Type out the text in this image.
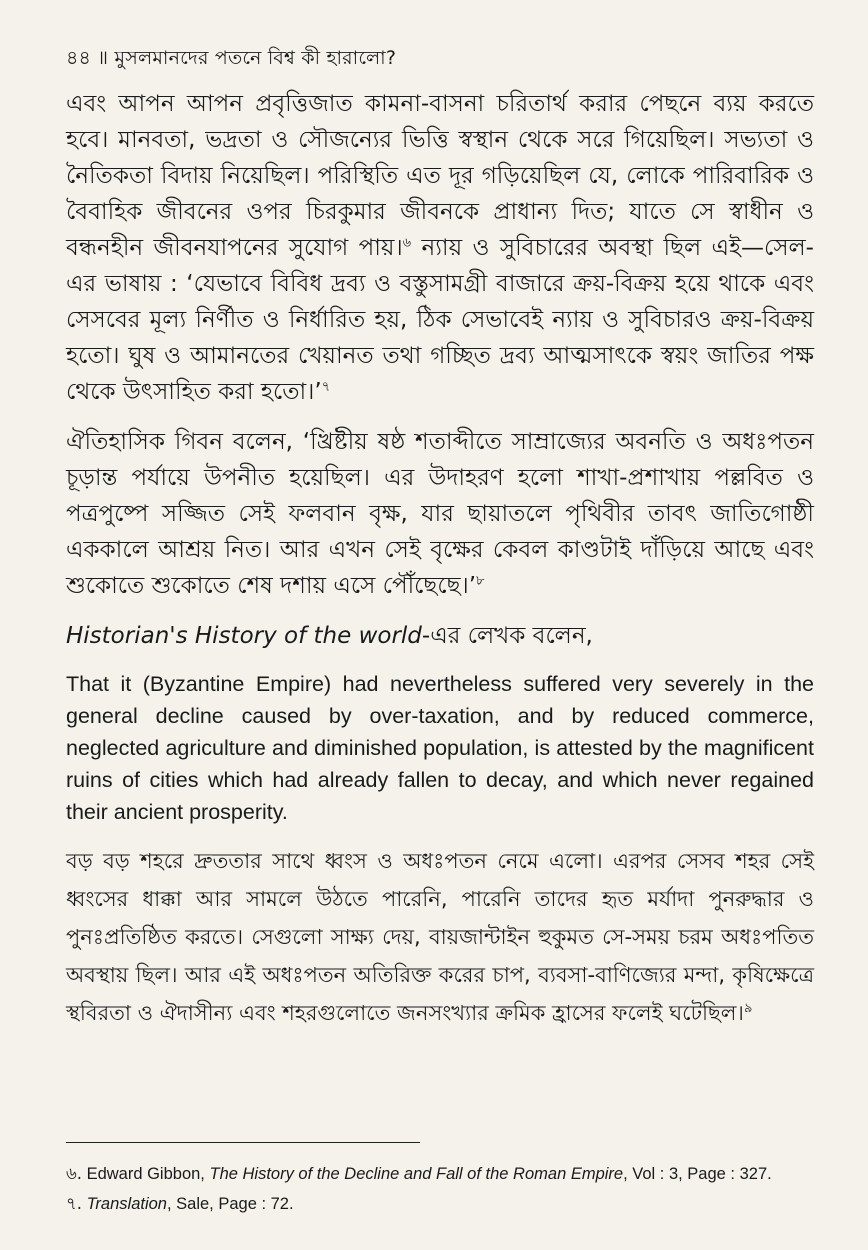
৪৪ ॥ মুসলমানদের পতনে বিশ্ব কী হারালো?

এবং আপন আপন প্রবৃত্তিজাত কামনা-বাসনা চরিতার্থ করার পেছনে ব্যয় করতে হবে। মানবতা, ভদ্রতা ও সৌজন্যের ভিত্তি স্বস্থান থেকে সরে গিয়েছিল। সভ্যতা ও নৈতিকতা বিদায় নিয়েছিল। পরিস্থিতি এত দূর গড়িয়েছিল যে, লোকে পারিবারিক ও বৈবাহিক জীবনের ওপর চিরকুমার জীবনকে প্রাধান্য দিত; যাতে সে স্বাধীন ও বন্ধনহীন জীবনযাপনের সুযোগ পায়।$^৬$ ন্যায় ও সুবিচারের অবস্থা ছিল এই—সেল-এর ভাষায় : ‘যেভাবে বিবিধ দ্রব্য ও বস্তুসামগ্রী বাজারে ক্রয়-বিক্রয় হয়ে থাকে এবং সেসবের মূল্য নির্ণীত ও নির্ধারিত হয়, ঠিক সেভাবেই ন্যায় ও সুবিচারও ক্রয়-বিক্রয় হতো। ঘুষ ও আমানতের খেয়ানত তথা গচ্ছিত দ্রব্য আত্মসাৎকে স্বয়ং জাতির পক্ষ থেকে উৎসাহিত করা হতো।’$^৭$

ঐতিহাসিক গিবন বলেন, ‘খ্রিষ্টীয় ষষ্ঠ শতাব্দীতে সাম্রাজ্যের অবনতি ও অধঃপতন চূড়ান্ত পর্যায়ে উপনীত হয়েছিল। এর উদাহরণ হলো শাখা-প্রশাখায় পল্লবিত ও পত্রপুষ্পে সজ্জিত সেই ফলবান বৃক্ষ, যার ছায়াতলে পৃথিবীর তাবৎ জাতিগোষ্ঠী এককালে আশ্রয় নিত। আর এখন সেই বৃক্ষের কেবল কাণ্ডটাই দাঁড়িয়ে আছে এবং শুকোতে শুকোতে শেষ দশায় এসে পৌঁছেছে।’$^৮$

Historian's History of the world-এর লেখক বলেন,

That it (Byzantine Empire) had nevertheless suffered very severely in the general decline caused by over-taxation, and by reduced commerce, neglected agriculture and diminished population, is attested by the magnificent ruins of cities which had already fallen to decay, and which never regained their ancient prosperity.

বড় বড় শহরে দ্রুততার সাথে ধ্বংস ও অধঃপতন নেমে এলো। এরপর সেসব শহর সেই ধ্বংসের ধাক্কা আর সামলে উঠতে পারেনি, পারেনি তাদের হৃত মর্যাদা পুনরুদ্ধার ও পুনঃপ্রতিষ্ঠিত করতে। সেগুলো সাক্ষ্য দেয়, বায়জান্টাইন হুকুমত সে-সময় চরম অধঃপতিত অবস্থায় ছিল। আর এই অধঃপতন অতিরিক্ত করের চাপ, ব্যবসা-বাণিজ্যের মন্দা, কৃষিক্ষেত্রে স্থবিরতা ও ঐদাসীন্য এবং শহরগুলোতে জনসংখ্যার ক্রমিক হ্রাসের ফলেই ঘটেছিল।$^৯$

৬. Edward Gibbon, The History of the Decline and Fall of the Roman Empire, Vol : 3, Page : 327.
৭. Translation, Sale, Page : 72.
